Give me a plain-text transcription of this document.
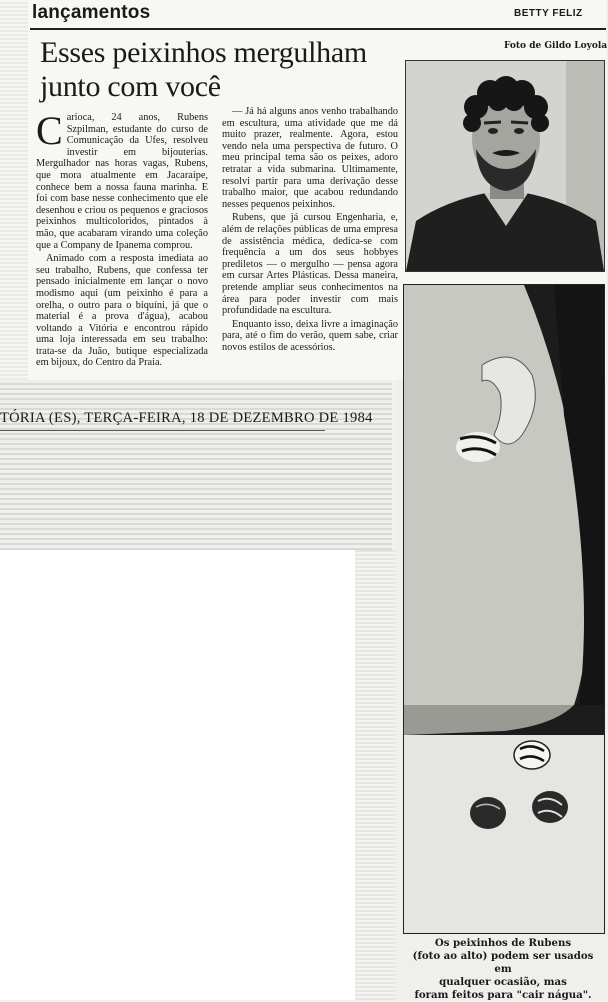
lançamentos	BETTY FELIZ
Foto de Gildo Loyola
Esses peixinhos mergulham
junto com você

Carioca, 24 anos, Rubens Szpilman, estudante do curso de Comunicação da Ufes, resolveu investir em bijouterias. Mergulhador nas horas vagas, Rubens, que mora atualmente em Jacaraípe, conhece bem a nossa fauna marinha. E foi com base nesse conhecimento que ele desenhou e criou os pequenos e graciosos peixinhos multicoloridos, pintados à mão, que acabaram virando uma coleção que a Company de Ipanema comprou.

Animado com a resposta imediata ao seu trabalho, Rubens, que confessa ter pensado inicialmente em lançar o novo modismo aqui (um peixinho é para a orelha, o outro para o biquíni, já que o material é a prova d'água), acabou voltando a Vitória e encontrou rápido uma loja interessada em seu trabalho: trata-se da Juão, butique especializada em bijoux, do Centro da Praia.

— Já há alguns anos venho trabalhando em escultura, uma atividade que me dá muito prazer, realmente. Agora, estou vendo nela uma perspectiva de futuro. O meu principal tema são os peixes, adoro retratar a vida submarina. Ultimamente, resolvi partir para uma derivação desse trabalho maior, que acabou redundando nesses pequenos peixinhos.

Rubens, que já cursou Engenharia, e, além de relações públicas de uma empresa de assistência médica, dedica-se com frequência a um dos seus hobbyes prediletos — o mergulho — pensa agora em cursar Artes Plásticas. Dessa maneira, pretende ampliar seus conhecimentos na área para poder investir com mais profundidade na escultura.

Enquanto isso, deixa livre a imaginação para, até o fim do verão, quem sabe, criar novos estilos de acessórios.

TÓRIA (ES), TERÇA-FEIRA, 18 DE DEZEMBRO DE 1984
Os peixinhos de Rubens
(foto ao alto) podem ser usados em
qualquer ocasião, mas
foram feitos para "cair nágua".
